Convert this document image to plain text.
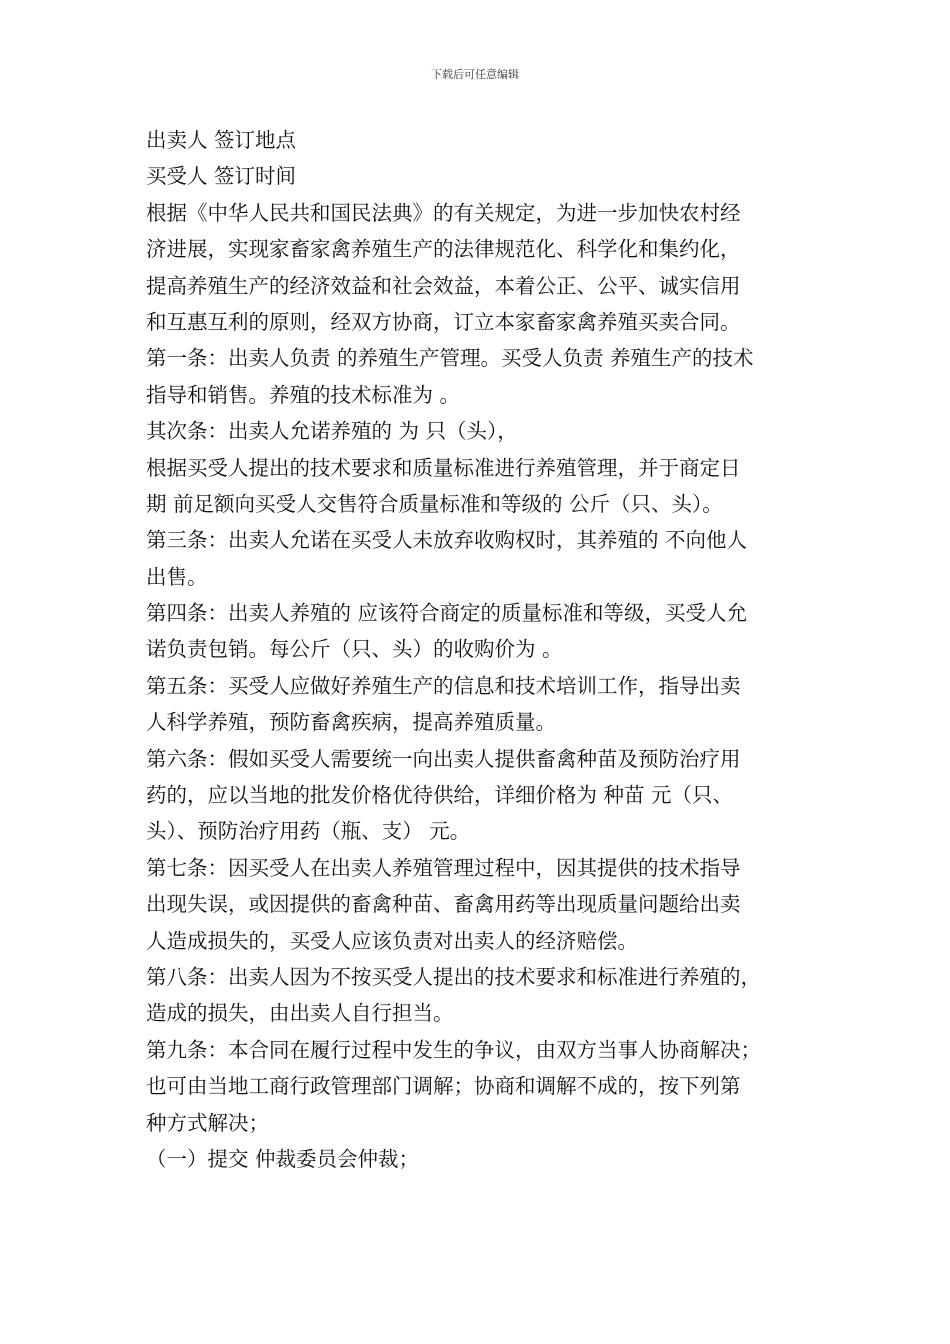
下载后可任意编辑
出卖人 签订地点
买受人 签订时间
根据《中华人民共和国民法典》的有关规定，为进一步加快农村经
济进展，实现家畜家禽养殖生产的法律规范化、科学化和集约化，
提高养殖生产的经济效益和社会效益，本着公正、公平、诚实信用
和互惠互利的原则，经双方协商，订立本家畜家禽养殖买卖合同。
第一条：出卖人负责 的养殖生产管理。买受人负责 养殖生产的技术
指导和销售。养殖的技术标准为 。
其次条：出卖人允诺养殖的 为 只（头），
根据买受人提出的技术要求和质量标准进行养殖管理，并于商定日
期 前足额向买受人交售符合质量标准和等级的 公斤（只、头）。
第三条：出卖人允诺在买受人未放弃收购权时，其养殖的 不向他人
出售。
第四条：出卖人养殖的 应该符合商定的质量标准和等级，买受人允
诺负责包销。每公斤（只、头）的收购价为 。
第五条：买受人应做好养殖生产的信息和技术培训工作，指导出卖
人科学养殖，预防畜禽疾病，提高养殖质量。
第六条：假如买受人需要统一向出卖人提供畜禽种苗及预防治疗用
药的，应以当地的批发价格优待供给，详细价格为 种苗 元（只、
头）、预防治疗用药（瓶、支） 元。
第七条：因买受人在出卖人养殖管理过程中，因其提供的技术指导
出现失误，或因提供的畜禽种苗、畜禽用药等出现质量问题给出卖
人造成损失的，买受人应该负责对出卖人的经济赔偿。
第八条：出卖人因为不按买受人提出的技术要求和标准进行养殖的，
造成的损失，由出卖人自行担当。
第九条：本合同在履行过程中发生的争议，由双方当事人协商解决；
也可由当地工商行政管理部门调解；协商和调解不成的，按下列第
种方式解决；
（一）提交 仲裁委员会仲裁；
